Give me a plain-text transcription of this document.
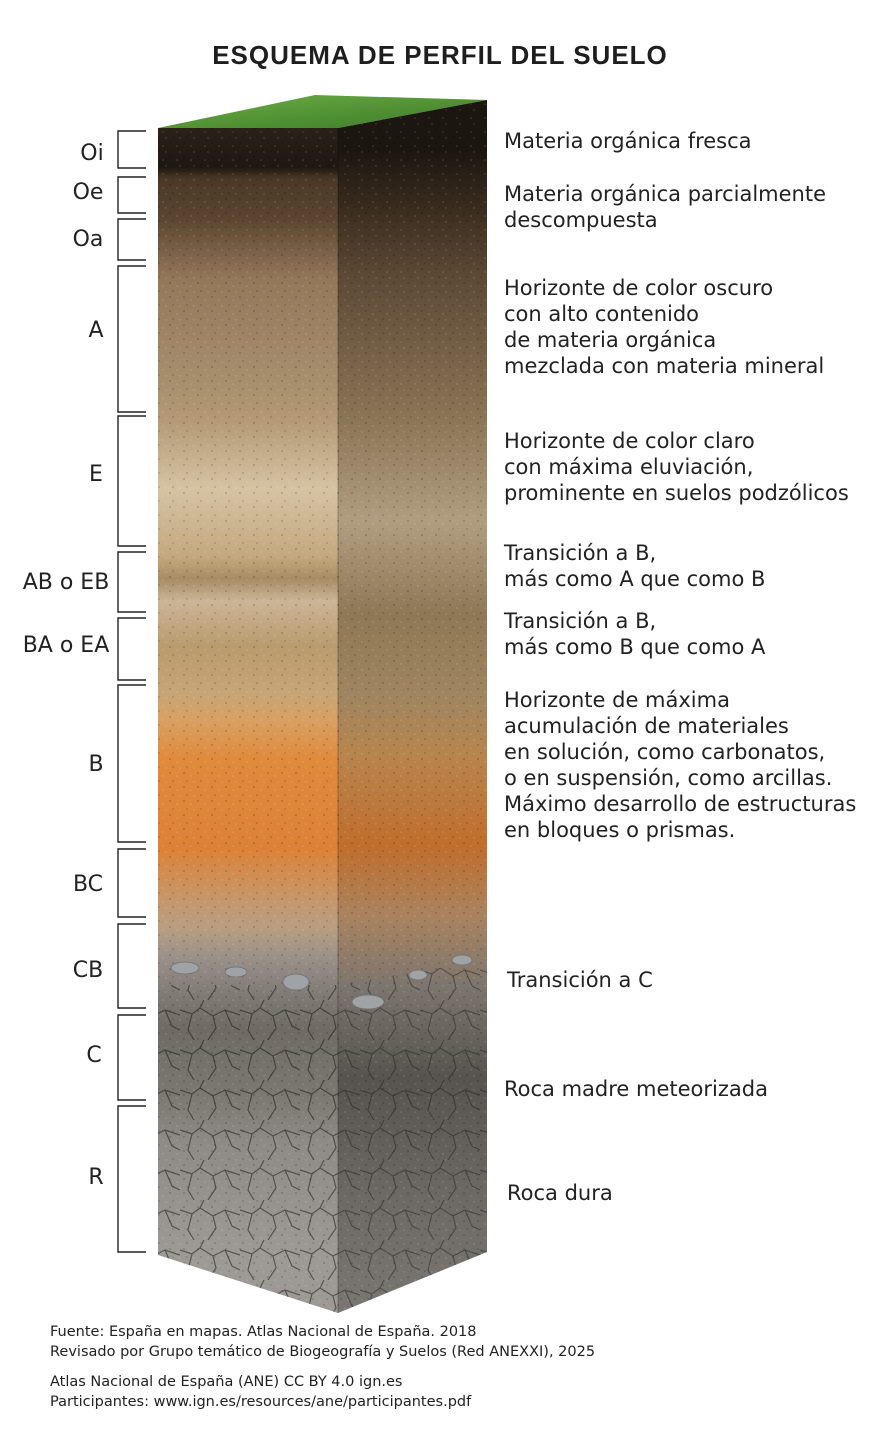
ESQUEMA DE PERFIL DEL SUELO
Oi
Oe
Oa
A
E
AB o EB
BA o EA
B
BC
CB
C
R
Materia orgánica fresca
Materia orgánica parcialmente
descompuesta
Horizonte de color oscuro
con alto contenido
de materia orgánica
mezclada con materia mineral
Horizonte de color claro
con máxima eluviación,
prominente en suelos podzólicos
Transición a B,
más como A que como B
Transición a B,
más como B que como A
Horizonte de máxima
acumulación de materiales
en solución, como carbonatos,
o en suspensión, como arcillas.
Máximo desarrollo de estructuras
en bloques o prismas.
Transición a C
Roca madre meteorizada
Roca dura
Fuente: España en mapas. Atlas Nacional de España. 2018
Revisado por Grupo temático de Biogeografía y Suelos (Red ANEXXI), 2025
Atlas Nacional de España (ANE) CC BY 4.0 ign.es
Participantes: www.ign.es/resources/ane/participantes.pdf
